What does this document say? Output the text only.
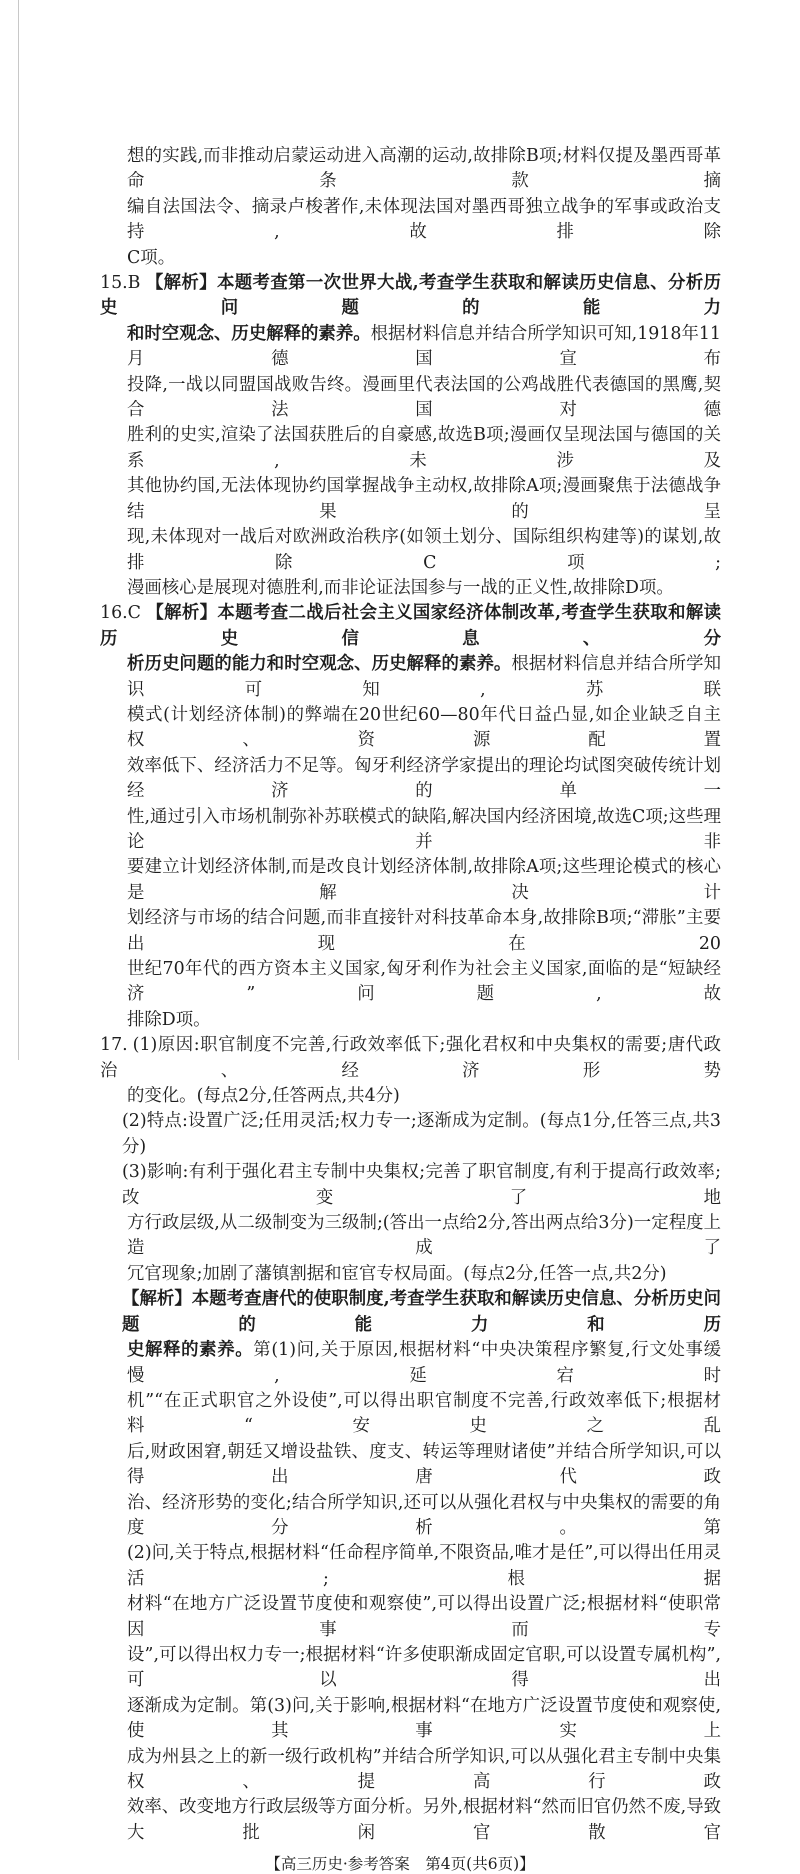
想的实践,而非推动启蒙运动进入高潮的运动,故排除B项;材料仅提及墨西哥革命条款摘
编自法国法令、摘录卢梭著作,未体现法国对墨西哥独立战争的军事或政治支持,故排除
C项。
15.B 【解析】本题考查第一次世界大战,考查学生获取和解读历史信息、分析历史问题的能力
和时空观念、历史解释的素养。根据材料信息并结合所学知识可知,1918年11月德国宣布
投降,一战以同盟国战败告终。漫画里代表法国的公鸡战胜代表德国的黑鹰,契合法国对德
胜利的史实,渲染了法国获胜后的自豪感,故选B项;漫画仅呈现法国与德国的关系,未涉及
其他协约国,无法体现协约国掌握战争主动权,故排除A项;漫画聚焦于法德战争结果的呈
现,未体现对一战后对欧洲政治秩序(如领土划分、国际组织构建等)的谋划,故排除C项;
漫画核心是展现对德胜利,而非论证法国参与一战的正义性,故排除D项。
16.C 【解析】本题考查二战后社会主义国家经济体制改革,考查学生获取和解读历史信息、分
析历史问题的能力和时空观念、历史解释的素养。根据材料信息并结合所学知识可知,苏联
模式(计划经济体制)的弊端在20世纪60—80年代日益凸显,如企业缺乏自主权、资源配置
效率低下、经济活力不足等。匈牙利经济学家提出的理论均试图突破传统计划经济的单一
性,通过引入市场机制弥补苏联模式的缺陷,解决国内经济困境,故选C项;这些理论并非
要建立计划经济体制,而是改良计划经济体制,故排除A项;这些理论模式的核心是解决计
划经济与市场的结合问题,而非直接针对科技革命本身,故排除B项;“滞胀”主要出现在20
世纪70年代的西方资本主义国家,匈牙利作为社会主义国家,面临的是“短缺经济”问题,故
排除D项。
17. (1)原因:职官制度不完善,行政效率低下;强化君权和中央集权的需要;唐代政治、经济形势
的变化。(每点2分,任答两点,共4分)
(2)特点:设置广泛;任用灵活;权力专一;逐渐成为定制。(每点1分,任答三点,共3分)
(3)影响:有利于强化君主专制中央集权;完善了职官制度,有利于提高行政效率;改变了地
方行政层级,从二级制变为三级制;(答出一点给2分,答出两点给3分)一定程度上造成了
冗官现象;加剧了藩镇割据和宦官专权局面。(每点2分,任答一点,共2分)
【解析】本题考查唐代的使职制度,考查学生获取和解读历史信息、分析历史问题的能力和历
史解释的素养。第(1)问,关于原因,根据材料“中央决策程序繁复,行文处事缓慢,延宕时
机”“在正式职官之外设使”,可以得出职官制度不完善,行政效率低下;根据材料“安史之乱
后,财政困窘,朝廷又增设盐铁、度支、转运等理财诸使”并结合所学知识,可以得出唐代政
治、经济形势的变化;结合所学知识,还可以从强化君权与中央集权的需要的角度分析。第
(2)问,关于特点,根据材料“任命程序简单,不限资品,唯才是任”,可以得出任用灵活;根据
材料“在地方广泛设置节度使和观察使”,可以得出设置广泛;根据材料“使职常因事而专
设”,可以得出权力专一;根据材料“许多使职渐成固定官职,可以设置专属机构”,可以得出
逐渐成为定制。第(3)问,关于影响,根据材料“在地方广泛设置节度使和观察使,使其事实上
成为州县之上的新一级行政机构”并结合所学知识,可以从强化君主专制中央集权、提高行政
效率、改变地方行政层级等方面分析。另外,根据材料“然而旧官仍然不废,导致大批闲官散官
【高三历史·参考答案　第4页(共6页)】
